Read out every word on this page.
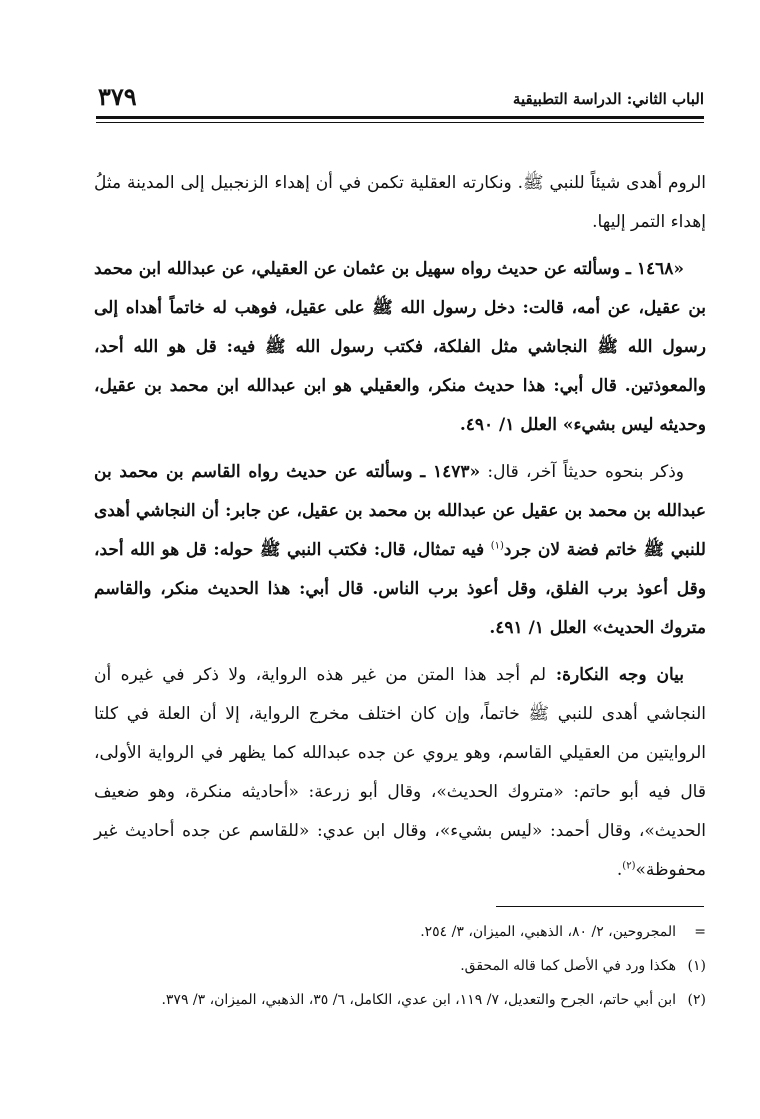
الباب الثاني: الدراسة التطبيقية
٣٧٩

الروم أهدى شيئاً للنبي ﷺ. ونكارته العقلية تكمن في أن إهداء الزنجبيل إلى المدينة مثلُ إهداء التمر إليها.

«١٤٦٨ ـ وسألته عن حديث رواه سهيل بن عثمان عن العقيلي، عن عبدالله ابن محمد بن عقيل، عن أمه، قالت: دخل رسول الله ﷺ على عقيل، فوهب له خاتماً أهداه إلى رسول الله ﷺ النجاشي مثل الفلكة، فكتب رسول الله ﷺ فيه: قل هو الله أحد، والمعوذتين. قال أبي: هذا حديث منكر، والعقيلي هو ابن عبدالله ابن محمد بن عقيل، وحديثه ليس بشيء» العلل ١/ ٤٩٠.

وذكر بنحوه حديثاً آخر، قال: «١٤٧٣ ـ وسألته عن حديث رواه القاسم بن محمد بن عبدالله بن محمد بن عقيل عن عبدالله بن محمد بن عقيل، عن جابر: أن النجاشي أهدى للنبي ﷺ خاتم فضة لان جرد$^{(١)}$ فيه تمثال، قال: فكتب النبي ﷺ حوله: قل هو الله أحد، وقل أعوذ برب الفلق، وقل أعوذ برب الناس. قال أبي: هذا الحديث منكر، والقاسم متروك الحديث» العلل ١/ ٤٩١.

بيان وجه النكارة: لم أجد هذا المتن من غير هذه الرواية، ولا ذكر في غيره أن النجاشي أهدى للنبي ﷺ خاتماً، وإن كان اختلف مخرج الرواية، إلا أن العلة في كلتا الروايتين من العقيلي القاسم، وهو يروي عن جده عبدالله كما يظهر في الرواية الأولى، قال فيه أبو حاتم: «متروك الحديث»، وقال أبو زرعة: «أحاديثه منكرة، وهو ضعيف الحديث»، وقال أحمد: «ليس بشيء»، وقال ابن عدي: «للقاسم عن جده أحاديث غير محفوظة»$^{(٢)}$.

=
المجروحين، ٢/ ٨٠، الذهبي، الميزان، ٣/ ٢٥٤.
(١)
هكذا ورد في الأصل كما قاله المحقق.
(٢)
ابن أبي حاتم، الجرح والتعديل، ٧/ ١١٩، ابن عدي، الكامل، ٦/ ٣٥، الذهبي، الميزان، ٣/ ٣٧٩.
